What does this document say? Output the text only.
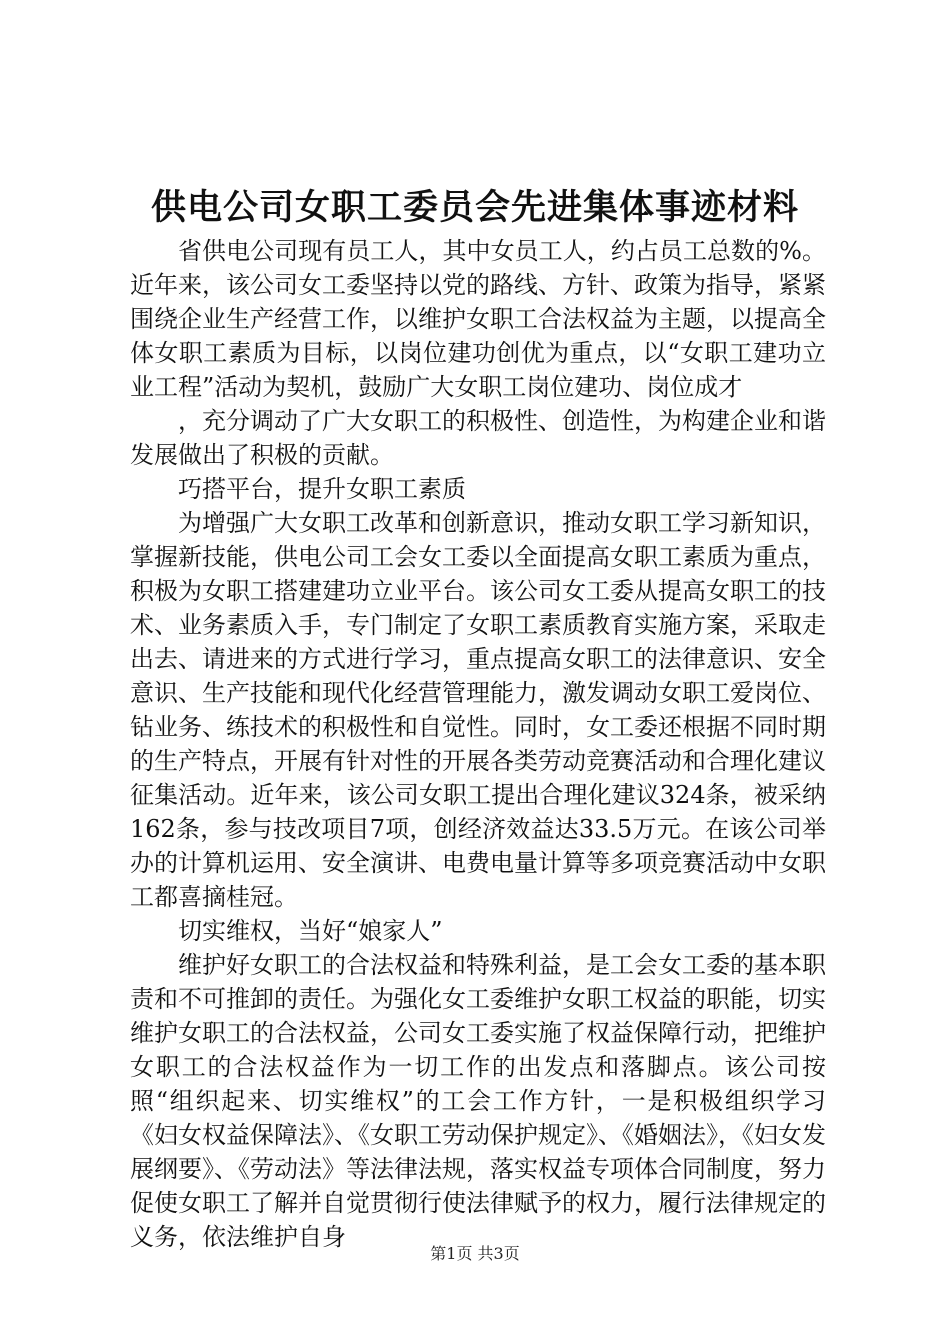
供电公司女职工委员会先进集体事迹材料

省供电公司现有员工人，其中女员工人，约占员工总数的%。近年来，该公司女工委坚持以党的路线、方针、政策为指导，紧紧围绕企业生产经营工作，以维护女职工合法权益为主题，以提高全体女职工素质为目标，以岗位建功创优为重点，以“女职工建功立业工程”活动为契机，鼓励广大女职工岗位建功、岗位成才

，充分调动了广大女职工的积极性、创造性，为构建企业和谐发展做出了积极的贡献。

巧搭平台，提升女职工素质

为增强广大女职工改革和创新意识，推动女职工学习新知识，掌握新技能，供电公司工会女工委以全面提高女职工素质为重点，积极为女职工搭建建功立业平台。该公司女工委从提高女职工的技术、业务素质入手，专门制定了女职工素质教育实施方案，采取走出去、请进来的方式进行学习，重点提高女职工的法律意识、安全意识、生产技能和现代化经营管理能力，激发调动女职工爱岗位、钻业务、练技术的积极性和自觉性。同时，女工委还根据不同时期的生产特点，开展有针对性的开展各类劳动竞赛活动和合理化建议征集活动。近年来，该公司女职工提出合理化建议324条，被采纳162条，参与技改项目7项，创经济效益达33.5万元。在该公司举办的计算机运用、安全演讲、电费电量计算等多项竞赛活动中女职工都喜摘桂冠。

切实维权，当好“娘家人”

维护好女职工的合法权益和特殊利益，是工会女工委的基本职责和不可推卸的责任。为强化女工委维护女职工权益的职能，切实维护女职工的合法权益，公司女工委实施了权益保障行动，把维护女职工的合法权益作为一切工作的出发点和落脚点。该公司按照“组织起来、切实维权”的工会工作方针，一是积极组织学习《妇女权益保障法》、《女职工劳动保护规定》、《婚姻法》，《妇女发展纲要》、《劳动法》等法律法规，落实权益专项体合同制度，努力促使女职工了解并自觉贯彻行使法律赋予的权力，履行法律规定的义务，依法维护自身

第1页 共3页
